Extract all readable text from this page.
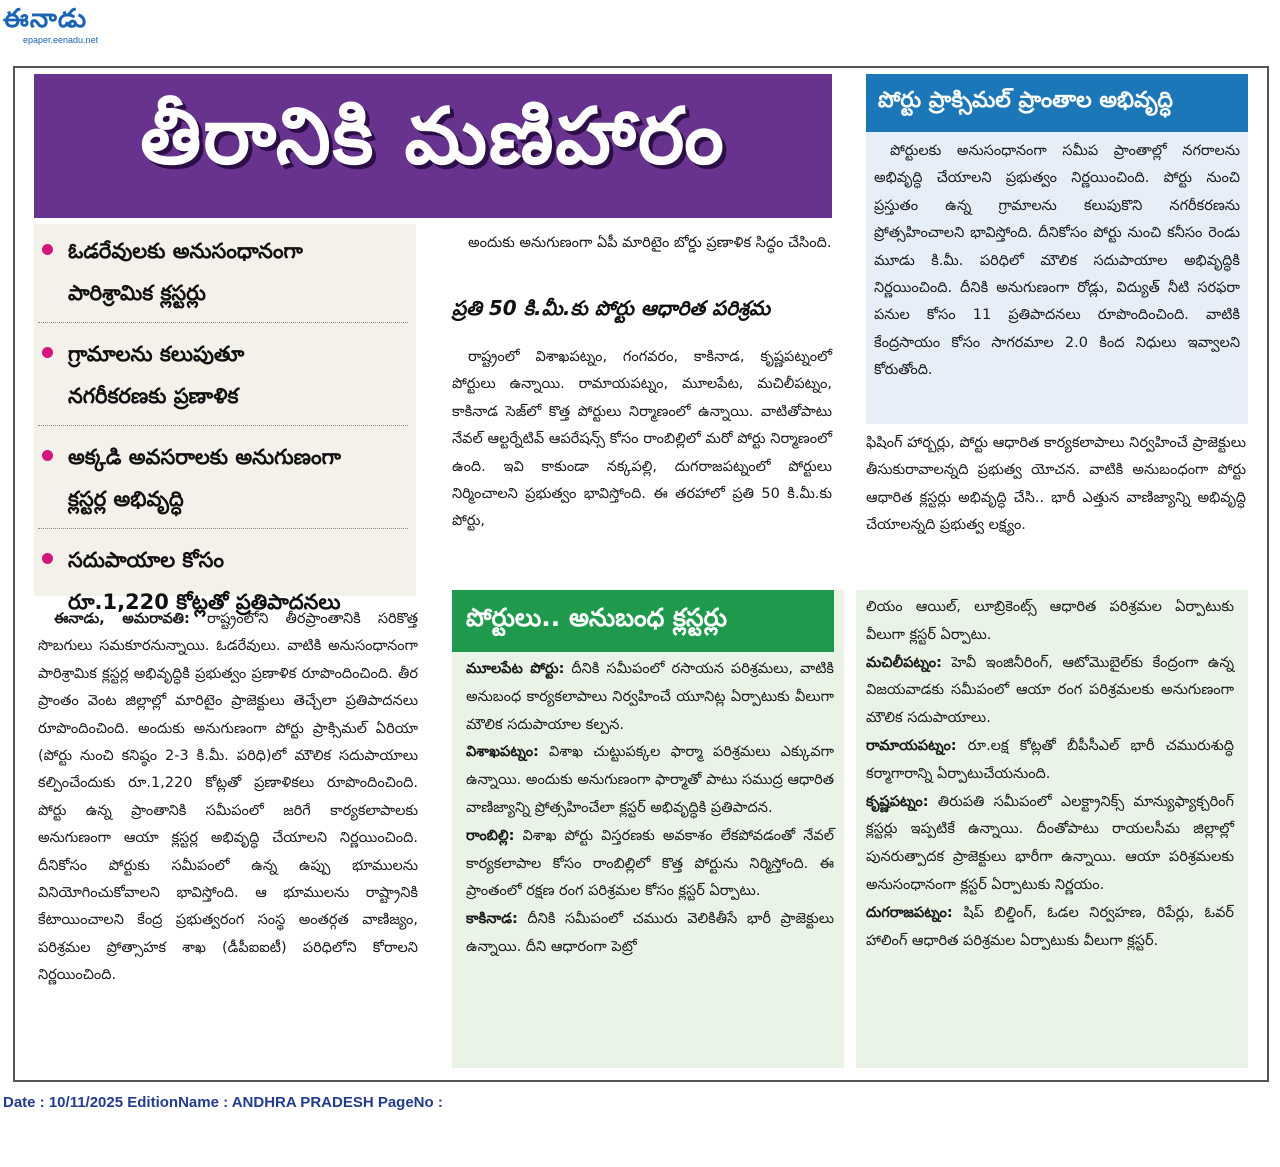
ఈనాడు
epaper.eenadu.net
తీరానికి మణిహారం
ఓడరేవులకు అనుసంధానంగా
పారిశ్రామిక క్లస్టర్లు
గ్రామాలను కలుపుతూ
నగరీకరణకు ప్రణాళిక
అక్కడి అవసరాలకు అనుగుణంగా
క్లస్టర్ల అభివృద్ధి
సదుపాయాల కోసం
రూ.1,220 కోట్లతో ప్రతిపాదనలు

ఈనాడు, అమరావతి: రాష్ట్రంలోని తీరప్రాంతానికి సరికొత్త సొబగులు సమకూరనున్నాయి. ఓడరేవులు. వాటికి అనుసంధానంగా పారిశ్రామిక క్లస్టర్ల అభివృద్ధికి ప్రభుత్వం ప్రణాళిక రూపొందించింది. తీర ప్రాంతం వెంట జిల్లాల్లో మారిటైం ప్రాజెక్టులు తెచ్చేలా ప్రతిపాదనలు రూపొందించింది. అందుకు అనుగుణంగా పోర్టు ప్రాక్సిమల్ ఏరియా (పోర్టు నుంచి కనిష్ఠం 2-3 కి.మీ. పరిధి)లో మౌలిక సదుపాయాలు కల్పించేందుకు రూ.1,220 కోట్లతో ప్రణాళికలు రూపొందించింది. పోర్టు ఉన్న ప్రాంతానికి సమీపంలో జరిగే కార్యకలాపాలకు అనుగుణంగా ఆయా క్లస్టర్ల అభివృద్ధి చేయాలని నిర్ణయించింది. దీనికోసం పోర్టుకు సమీపంలో ఉన్న ఉప్పు భూములను వినియోగించుకోవాలని భావిస్తోంది. ఆ భూములను రాష్ట్రానికి కేటాయించాలని కేంద్ర ప్రభుత్వరంగ సంస్థ అంతర్గత వాణిజ్యం, పరిశ్రమల ప్రోత్సాహక శాఖ (డీపీఐఐటీ) పరిధిలోని కోరాలని నిర్ణయించింది.

అందుకు అనుగుణంగా ఏపీ మారిటైం బోర్డు ప్రణాళిక సిద్ధం చేసింది.

ప్రతి 50 కి.మీ.కు పోర్టు ఆధారిత పరిశ్రమ

రాష్ట్రంలో విశాఖపట్నం, గంగవరం, కాకినాడ, కృష్ణపట్నంలో పోర్టులు ఉన్నాయి. రామాయపట్నం, మూలపేట, మచిలీపట్నం, కాకినాడ సెజ్‌లో కొత్త పోర్టులు నిర్మాణంలో ఉన్నాయి. వాటితోపాటు నేవల్ ఆల్టర్నేటివ్ ఆపరేషన్స్ కోసం రాంబిల్లిలో మరో పోర్టు నిర్మాణంలో ఉంది. ఇవి కాకుండా నక్కపల్లి, దుగరాజపట్నంలో పోర్టులు నిర్మించాలని ప్రభుత్వం భావిస్తోంది. ఈ తరహాలో ప్రతి 50 కి.మీ.కు పోర్టు,

పోర్టులు.. అనుబంధ క్లస్టర్లు

మూలపేట పోర్టు: దీనికి సమీపంలో రసాయన పరిశ్రమలు, వాటికి అనుబంధ కార్యకలాపాలు నిర్వహించే యూనిట్ల ఏర్పాటుకు వీలుగా మౌలిక సదుపాయాల కల్పన.

విశాఖపట్నం: విశాఖ చుట్టుపక్కల ఫార్మా పరిశ్రమలు ఎక్కువగా ఉన్నాయి. అందుకు అనుగుణంగా ఫార్మాతో పాటు సముద్ర ఆధారిత వాణిజ్యాన్ని ప్రోత్సహించేలా క్లస్టర్ అభివృద్ధికి ప్రతిపాదన.

రాంబిల్లి: విశాఖ పోర్టు విస్తరణకు అవకాశం లేకపోవడంతో నేవల్ కార్యకలాపాల కోసం రాంబిల్లిలో కొత్త పోర్టును నిర్మిస్తోంది. ఈ ప్రాంతంలో రక్షణ రంగ పరిశ్రమల కోసం క్లస్టర్ ఏర్పాటు.

కాకినాడ: దీనికి సమీపంలో చమురు వెలికితీసే భారీ ప్రాజెక్టులు ఉన్నాయి. దీని ఆధారంగా పెట్రో

పోర్టు ప్రాక్సిమల్ ప్రాంతాల అభివృద్ధి

పోర్టులకు అనుసంధానంగా సమీప ప్రాంతాల్లో నగరాలను అభివృద్ధి చేయాలని ప్రభుత్వం నిర్ణయించింది. పోర్టు నుంచి ప్రస్తుతం ఉన్న గ్రామాలను కలుపుకొని నగరీకరణను ప్రోత్సహించాలని భావిస్తోంది. దీనికోసం పోర్టు నుంచి కనీసం రెండు మూడు కి.మీ. పరిధిలో మౌలిక సదుపాయాల అభివృద్ధికి నిర్ణయించింది. దీనికి అనుగుణంగా రోడ్లు, విద్యుత్ నీటి సరఫరా పనుల కోసం 11 ప్రతిపాదనలు రూపొందించింది. వాటికి కేంద్రసాయం కోసం సాగరమాల 2.0 కింద నిధులు ఇవ్వాలని కోరుతోంది.

ఫిషింగ్ హార్బర్లు, పోర్టు ఆధారిత కార్యకలాపాలు నిర్వహించే ప్రాజెక్టులు తీసుకురావాలన్నది ప్రభుత్వ యోచన. వాటికి అనుబంధంగా పోర్టు ఆధారిత క్లస్టర్లు అభివృద్ధి చేసి.. భారీ ఎత్తున వాణిజ్యాన్ని అభివృద్ధి చేయాలన్నది ప్రభుత్వ లక్ష్యం.

లియం ఆయిల్, లూబ్రికెంట్స్ ఆధారిత పరిశ్రమల ఏర్పాటుకు వీలుగా క్లస్టర్ ఏర్పాటు.

మచిలీపట్నం: హెవీ ఇంజినీరింగ్, ఆటోమొబైల్‌కు కేంద్రంగా ఉన్న విజయవాడకు సమీపంలో ఆయా రంగ పరిశ్రమలకు అనుగుణంగా మౌలిక సదుపాయాలు.

రామాయపట్నం: రూ.లక్ష కోట్లతో బీపీసీఎల్ భారీ చమురుశుద్ధి కర్మాగారాన్ని ఏర్పాటుచేయనుంది.

కృష్ణపట్నం: తిరుపతి సమీపంలో ఎలక్ట్రానిక్స్ మాన్యుఫ్యాక్చరింగ్ క్లస్టర్లు ఇప్పటికే ఉన్నాయి. దీంతోపాటు రాయలసీమ జిల్లాల్లో పునరుత్పాదక ప్రాజెక్టులు భారీగా ఉన్నాయి. ఆయా పరిశ్రమలకు అనుసంధానంగా క్లస్టర్ ఏర్పాటుకు నిర్ణయం.

దుగరాజపట్నం: షిప్ బిల్డింగ్, ఓడల నిర్వహణ, రిపేర్లు, ఓవర్ హాలింగ్ ఆధారిత పరిశ్రమల ఏర్పాటుకు వీలుగా క్లస్టర్.

Date : 10/11/2025 EditionName : ANDHRA PRADESH PageNo :
